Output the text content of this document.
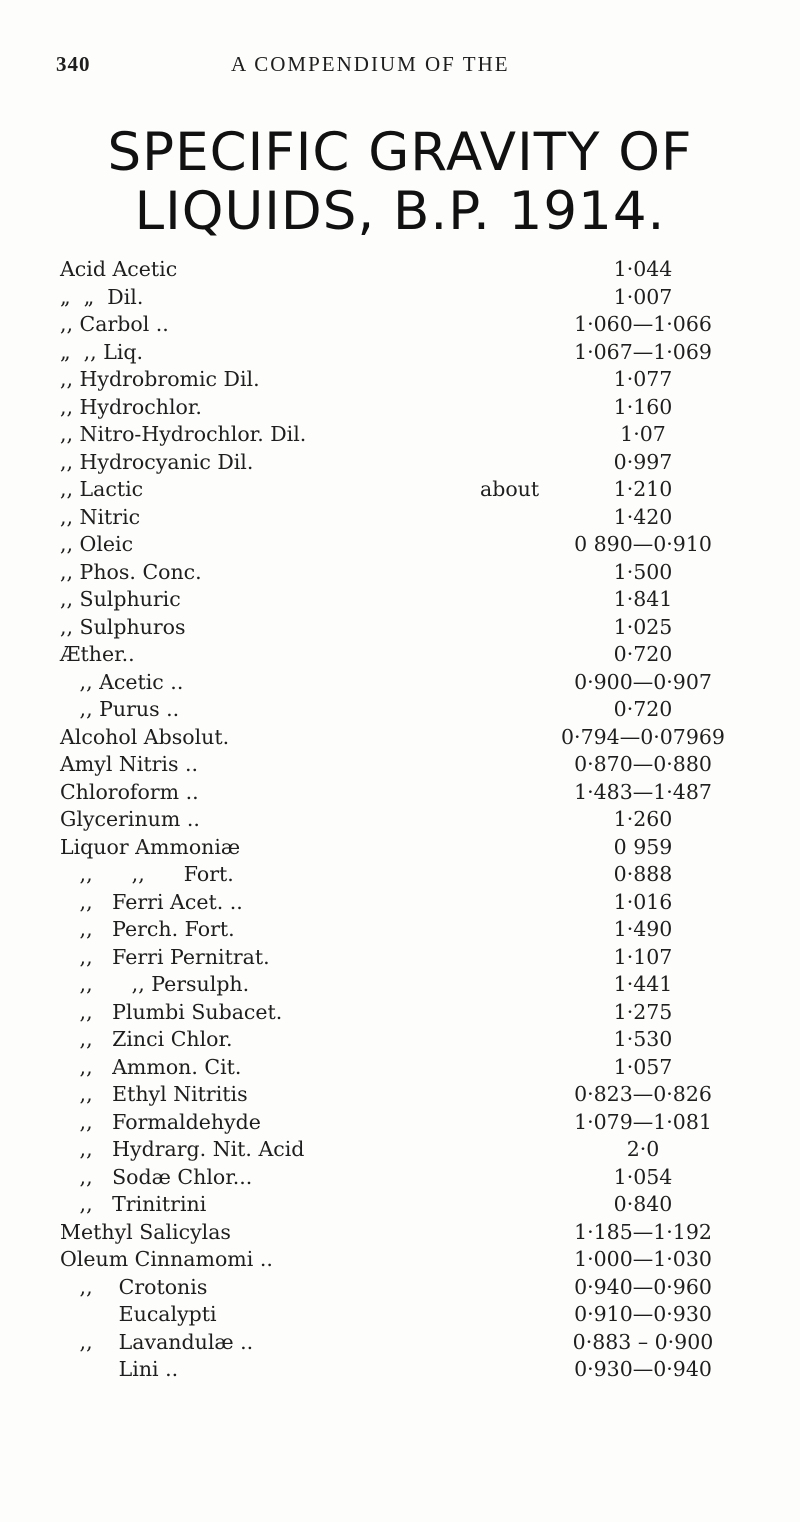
340	A COMPENDIUM OF THE
SPECIFIC GRAVITY OF
LIQUIDS, B.P. 1914.
Acid Acetic	1·044
„  „  Dil.	1·007
,, Carbol ..	1·060—1·066
„  ,, Liq.	1·067—1·069
,, Hydrobromic Dil.	1·077
,, Hydrochlor.	1·160
,, Nitro-Hydrochlor. Dil.	1·07
,, Hydrocyanic Dil.	0·997
,, Lactic	about	1·210
,, Nitric	1·420
,, Oleic	0 890—0·910
,, Phos. Conc.	1·500
,, Sulphuric	1·841
,, Sulphuros	1·025
Æther..	0·720
,, Acetic ..	0·900—0·907
,, Purus ..	0·720
Alcohol Absolut.	0·794—0·07969
Amyl Nitris ..	0·870—0·880
Chloroform ..	1·483—1·487
Glycerinum ..	1·260
Liquor Ammoniæ	0 959
,,      ,,      Fort.	0·888
,,   Ferri Acet. ..	1·016
,,   Perch. Fort.	1·490
,,   Ferri Pernitrat.	1·107
,,      ,, Persulph.	1·441
,,   Plumbi Subacet.	1·275
,,   Zinci Chlor.	1·530
,,   Ammon. Cit.	1·057
,,   Ethyl Nitritis	0·823—0·826
,,   Formaldehyde	1·079—1·081
,,   Hydrarg. Nit. Acid	2·0
,,   Sodæ Chlor...	1·054
,,   Trinitrini	0·840
Methyl Salicylas	1·185—1·192
Oleum Cinnamomi ..	1·000—1·030
,,    Crotonis	0·940—0·960
Eucalypti	0·910—0·930
,,    Lavandulæ ..	0·883 – 0·900
Lini ..	0·930—0·940
